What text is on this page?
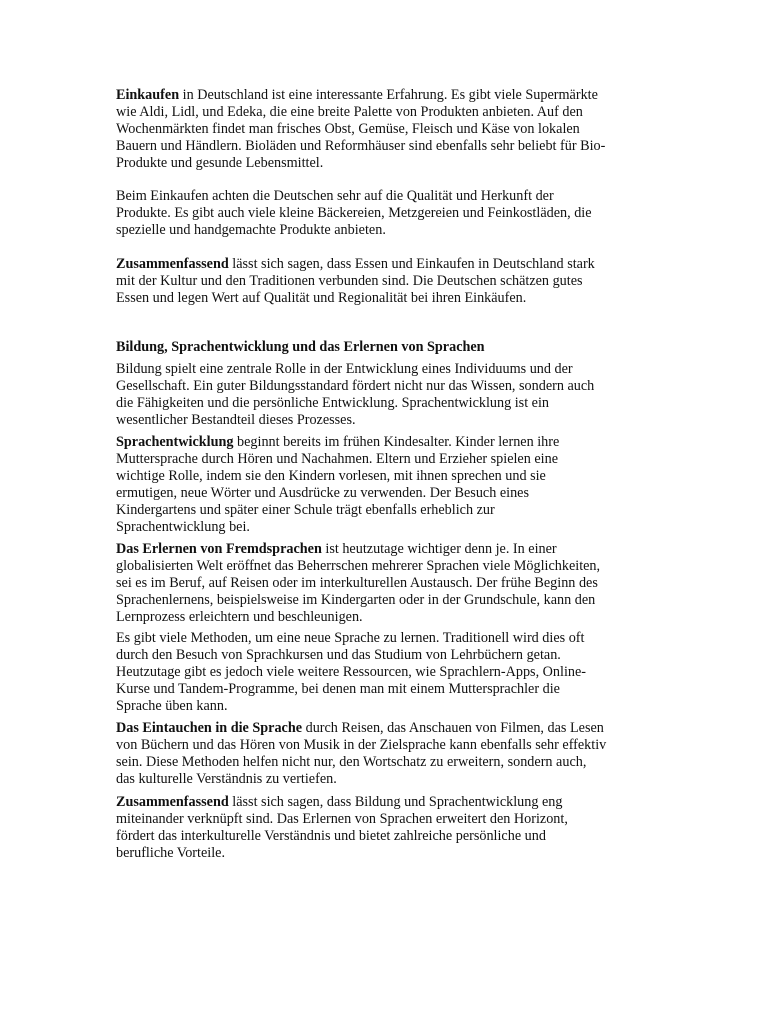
Einkaufen in Deutschland ist eine interessante Erfahrung. Es gibt viele Supermärkte
wie Aldi, Lidl, und Edeka, die eine breite Palette von Produkten anbieten. Auf den
Wochenmärkten findet man frisches Obst, Gemüse, Fleisch und Käse von lokalen
Bauern und Händlern. Bioläden und Reformhäuser sind ebenfalls sehr beliebt für Bio-
Produkte und gesunde Lebensmittel.

Beim Einkaufen achten die Deutschen sehr auf die Qualität und Herkunft der
Produkte. Es gibt auch viele kleine Bäckereien, Metzgereien und Feinkostläden, die
spezielle und handgemachte Produkte anbieten.

Zusammenfassend lässt sich sagen, dass Essen und Einkaufen in Deutschland stark
mit der Kultur und den Traditionen verbunden sind. Die Deutschen schätzen gutes
Essen und legen Wert auf Qualität und Regionalität bei ihren Einkäufen.

Bildung, Sprachentwicklung und das Erlernen von Sprachen

Bildung spielt eine zentrale Rolle in der Entwicklung eines Individuums und der
Gesellschaft. Ein guter Bildungsstandard fördert nicht nur das Wissen, sondern auch
die Fähigkeiten und die persönliche Entwicklung. Sprachentwicklung ist ein
wesentlicher Bestandteil dieses Prozesses.

Sprachentwicklung beginnt bereits im frühen Kindesalter. Kinder lernen ihre
Muttersprache durch Hören und Nachahmen. Eltern und Erzieher spielen eine
wichtige Rolle, indem sie den Kindern vorlesen, mit ihnen sprechen und sie
ermutigen, neue Wörter und Ausdrücke zu verwenden. Der Besuch eines
Kindergartens und später einer Schule trägt ebenfalls erheblich zur
Sprachentwicklung bei.

Das Erlernen von Fremdsprachen ist heutzutage wichtiger denn je. In einer
globalisierten Welt eröffnet das Beherrschen mehrerer Sprachen viele Möglichkeiten,
sei es im Beruf, auf Reisen oder im interkulturellen Austausch. Der frühe Beginn des
Sprachenlernens, beispielsweise im Kindergarten oder in der Grundschule, kann den
Lernprozess erleichtern und beschleunigen.

Es gibt viele Methoden, um eine neue Sprache zu lernen. Traditionell wird dies oft
durch den Besuch von Sprachkursen und das Studium von Lehrbüchern getan.
Heutzutage gibt es jedoch viele weitere Ressourcen, wie Sprachlern-Apps, Online-
Kurse und Tandem-Programme, bei denen man mit einem Muttersprachler die
Sprache üben kann.

Das Eintauchen in die Sprache durch Reisen, das Anschauen von Filmen, das Lesen
von Büchern und das Hören von Musik in der Zielsprache kann ebenfalls sehr effektiv
sein. Diese Methoden helfen nicht nur, den Wortschatz zu erweitern, sondern auch,
das kulturelle Verständnis zu vertiefen.

Zusammenfassend lässt sich sagen, dass Bildung und Sprachentwicklung eng
miteinander verknüpft sind. Das Erlernen von Sprachen erweitert den Horizont,
fördert das interkulturelle Verständnis und bietet zahlreiche persönliche und
berufliche Vorteile.
